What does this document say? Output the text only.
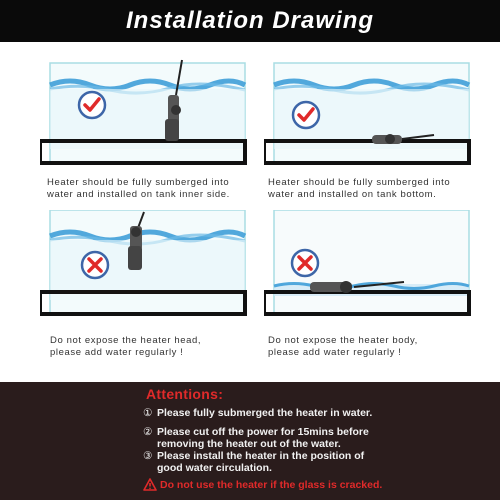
Installation Drawing
Heater should be fully sumberged into
water and installed on tank inner side.
Heater should be fully sumberged into
water and installed on tank bottom.
Do not expose the heater head,
please add water regularly !
Do not expose the heater body,
please add water regularly !
Attentions:
① Please fully submerged the heater in water.
② Please cut off the power for 15mins before
removing the heater out of the water.
③ Please install the heater in the position of
good water circulation.
Do not use the heater if the glass is cracked.
